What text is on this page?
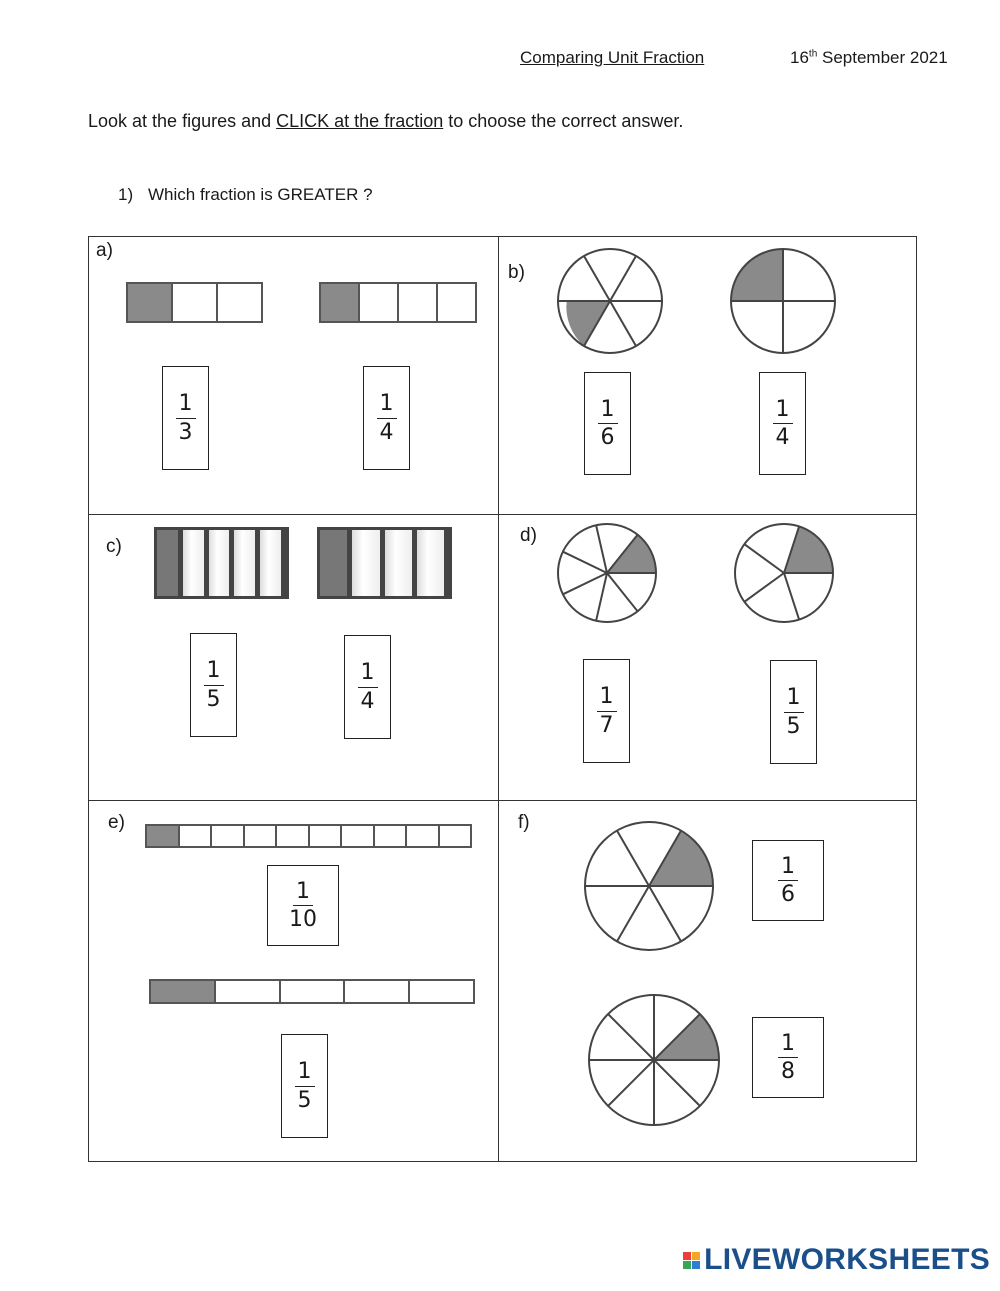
Comparing Unit Fraction	16th September 2021
Look at the figures and CLICK at the fraction to choose the correct answer.
1) Which fraction is GREATER ?
a)
$\frac{1}{3}$	$\frac{1}{4}$
b)
$\frac{1}{6}$	$\frac{1}{4}$
c)
$\frac{1}{5}$	$\frac{1}{4}$
d)
$\frac{1}{7}$	$\frac{1}{5}$
e)
$\frac{1}{10}$
$\frac{1}{5}$
f)
$\frac{1}{6}$
$\frac{1}{8}$
LIVEWORKSHEETS
